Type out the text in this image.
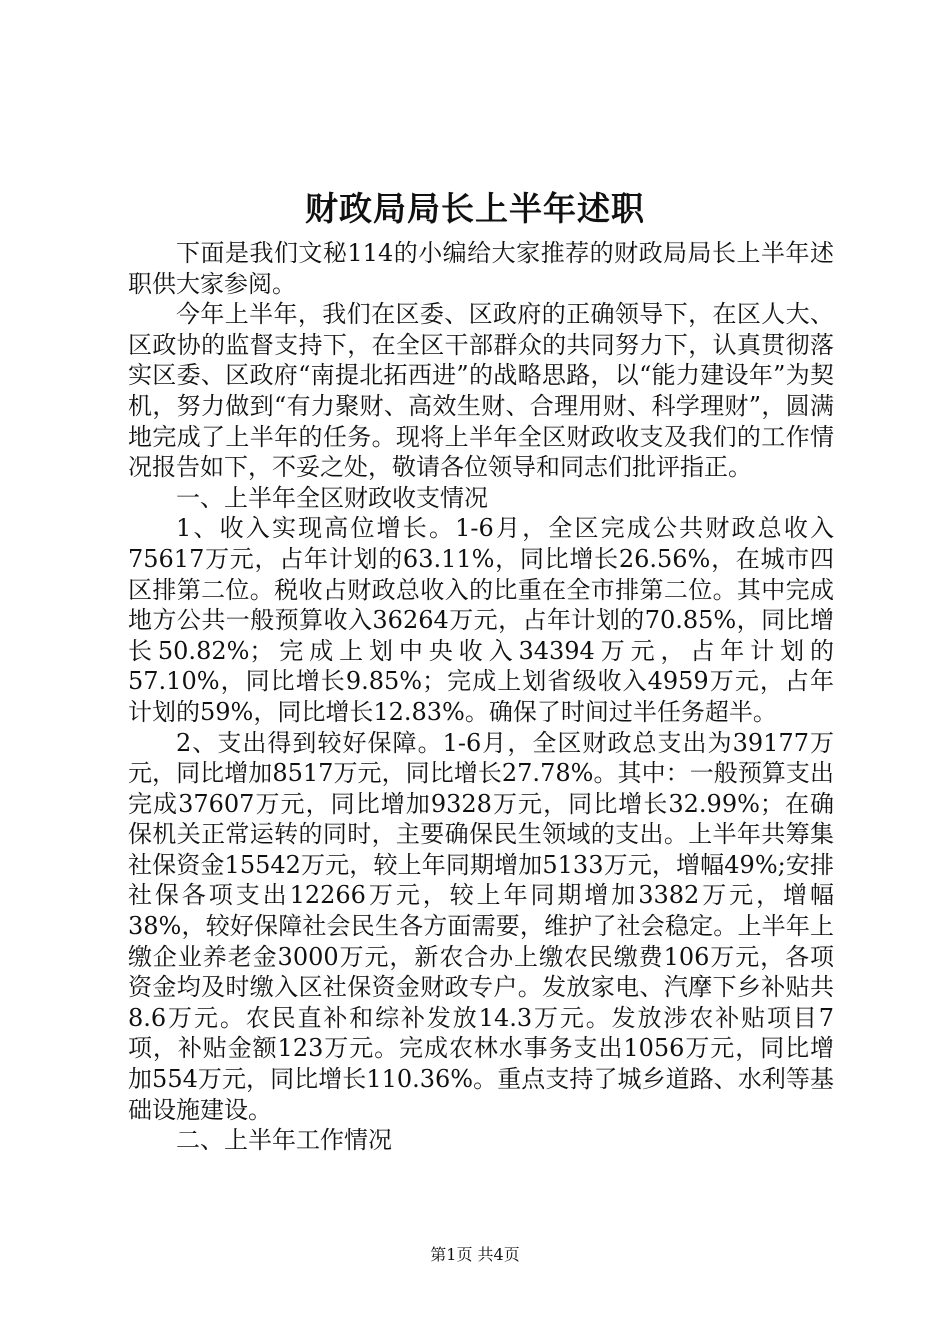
财政局局长上半年述职

下面是我们文秘114的小编给大家推荐的财政局局长上半年述职供大家参阅。

今年上半年，我们在区委、区政府的正确领导下，在区人大、区政协的监督支持下，在全区干部群众的共同努力下，认真贯彻落实区委、区政府“南提北拓西进”的战略思路，以“能力建设年”为契机，努力做到“有力聚财、高效生财、合理用财、科学理财”，圆满地完成了上半年的任务。现将上半年全区财政收支及我们的工作情况报告如下，不妥之处，敬请各位领导和同志们批评指正。

一、上半年全区财政收支情况

1、收入实现高位增长。1-6月，全区完成公共财政总收入75617万元，占年计划的63.11%，同比增长26.56%，在城市四区排第二位。税收占财政总收入的比重在全市排第二位。其中完成地方公共一般预算收入36264万元，占年计划的70.85%，同比增长50.82%；完成上划中央收入34394万元，占年计划的57.10%，同比增长9.85%；完成上划省级收入4959万元，占年计划的59%，同比增长12.83%。确保了时间过半任务超半。

2、支出得到较好保障。1-6月，全区财政总支出为39177万元，同比增加8517万元，同比增长27.78%。其中：一般预算支出完成37607万元，同比增加9328万元，同比增长32.99%；在确保机关正常运转的同时，主要确保民生领域的支出。上半年共筹集社保资金15542万元，较上年同期增加5133万元，增幅49%;安排社保各项支出12266万元，较上年同期增加3382万元，增幅38%，较好保障社会民生各方面需要，维护了社会稳定。上半年上缴企业养老金3000万元，新农合办上缴农民缴费106万元，各项资金均及时缴入区社保资金财政专户。发放家电、汽摩下乡补贴共8.6万元。农民直补和综补发放14.3万元。发放涉农补贴项目7项，补贴金额123万元。完成农林水事务支出1056万元，同比增加554万元，同比增长110.36%。重点支持了城乡道路、水利等基础设施建设。

二、上半年工作情况

第1页 共4页
